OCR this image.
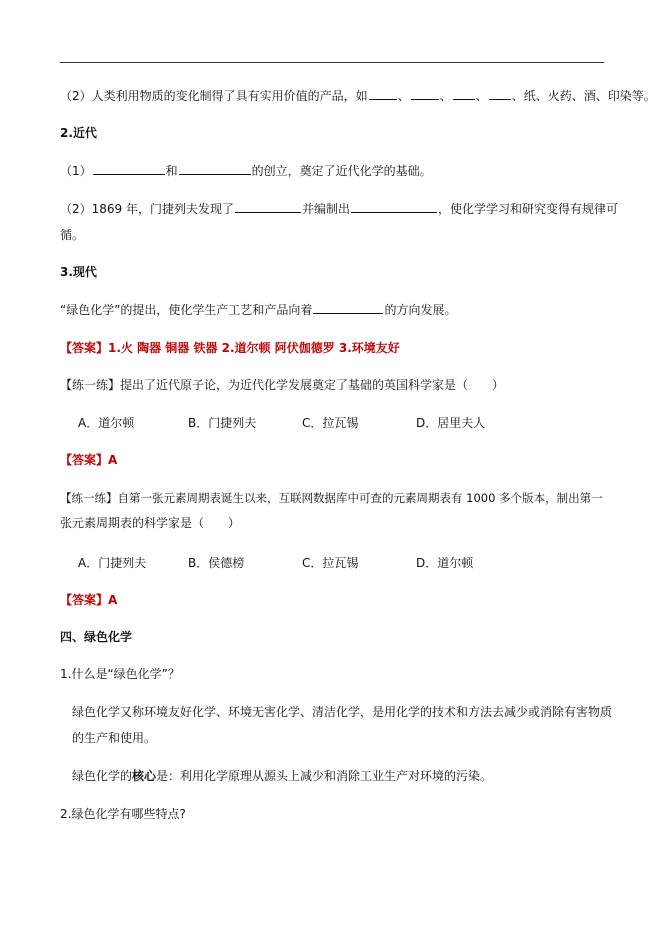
（2）人类利用物质的变化制得了具有实用价值的产品，如	、	、 、 、纸、火药、酒、印染等。
2.近代
（1）	和	的创立，奠定了近代化学的基础。
（2）1869 年，门捷列夫发现了	并编制出	，使化学学习和研究变得有规律可
循。
3.现代
“绿色化学”的提出，使化学生产工艺和产品向着	的方向发展。
【答案】1.火 陶器 铜器 铁器 2.道尔顿 阿伏伽德罗 3.环境友好
【练一练】提出了近代原子论，为近代化学发展奠定了基础的英国科学家是（　　）
A．道尔顿	B．门捷列夫	C．拉瓦锡	D．居里夫人
【答案】A
【练一练】自第一张元素周期表诞生以来，互联网数据库中可查的元素周期表有 1000 多个版本，制出第一
张元素周期表的科学家是（　　）
A．门捷列夫	B．侯德榜	C．拉瓦锡	D．道尔顿
【答案】A
四、绿色化学
1.什么是“绿色化学”？
绿色化学又称环境友好化学、环境无害化学、清洁化学，是用化学的技术和方法去减少或消除有害物质
的生产和使用。
绿色化学的核心是：利用化学原理从源头上减少和消除工业生产对环境的污染。
2.绿色化学有哪些特点?
